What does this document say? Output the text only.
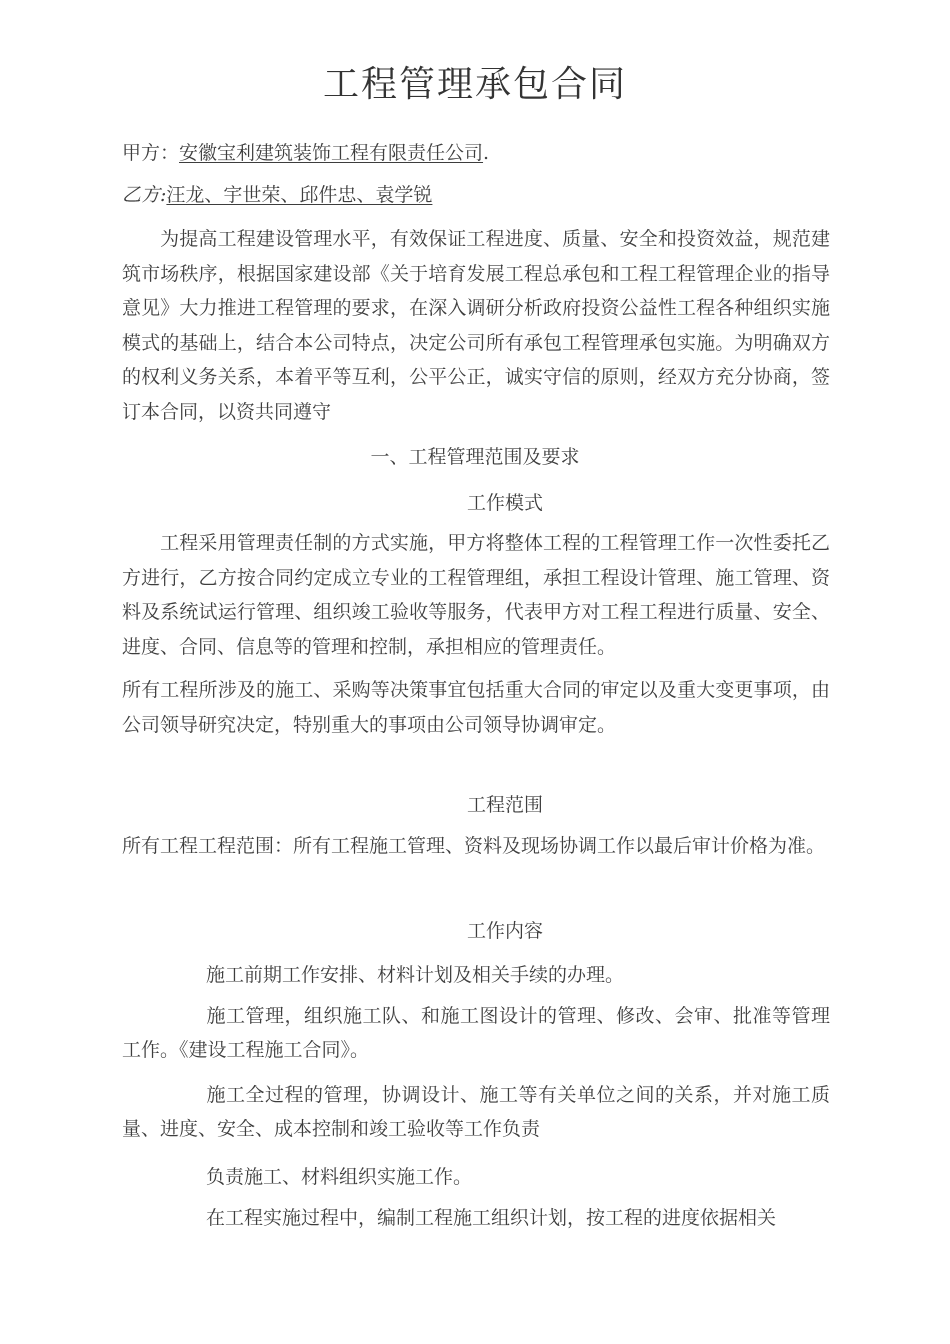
工程管理承包合同
甲方：安徽宝利建筑装饰工程有限责任公司.
乙方:汪龙、宇世荣、邱件忠、袁学锐
为提高工程建设管理水平，有效保证工程进度、质量、安全和投资效益，规范建筑市场秩序，根据国家建设部《关于培育发展工程总承包和工程工程管理企业的指导意见》大力推进工程管理的要求，在深入调研分析政府投资公益性工程各种组织实施模式的基础上，结合本公司特点，决定公司所有承包工程管理承包实施。为明确双方的权利义务关系，本着平等互利，公平公正，诚实守信的原则，经双方充分协商，签订本合同，以资共同遵守
一、工程管理范围及要求
工作模式
工程采用管理责任制的方式实施，甲方将整体工程的工程管理工作一次性委托乙方进行，乙方按合同约定成立专业的工程管理组，承担工程设计管理、施工管理、资料及系统试运行管理、组织竣工验收等服务，代表甲方对工程工程进行质量、安全、进度、合同、信息等的管理和控制，承担相应的管理责任。
所有工程所涉及的施工、采购等决策事宜包括重大合同的审定以及重大变更事项，由公司领导研究决定，特别重大的事项由公司领导协调审定。
工程范围
所有工程工程范围：所有工程施工管理、资料及现场协调工作以最后审计价格为准。
工作内容
施工前期工作安排、材料计划及相关手续的办理。
施工管理，组织施工队、和施工图设计的管理、修改、会审、批准等管理工作。《建设工程施工合同》。
施工全过程的管理，协调设计、施工等有关单位之间的关系，并对施工质量、进度、安全、成本控制和竣工验收等工作负责
负责施工、材料组织实施工作。
在工程实施过程中，编制工程施工组织计划，按工程的进度依据相关
